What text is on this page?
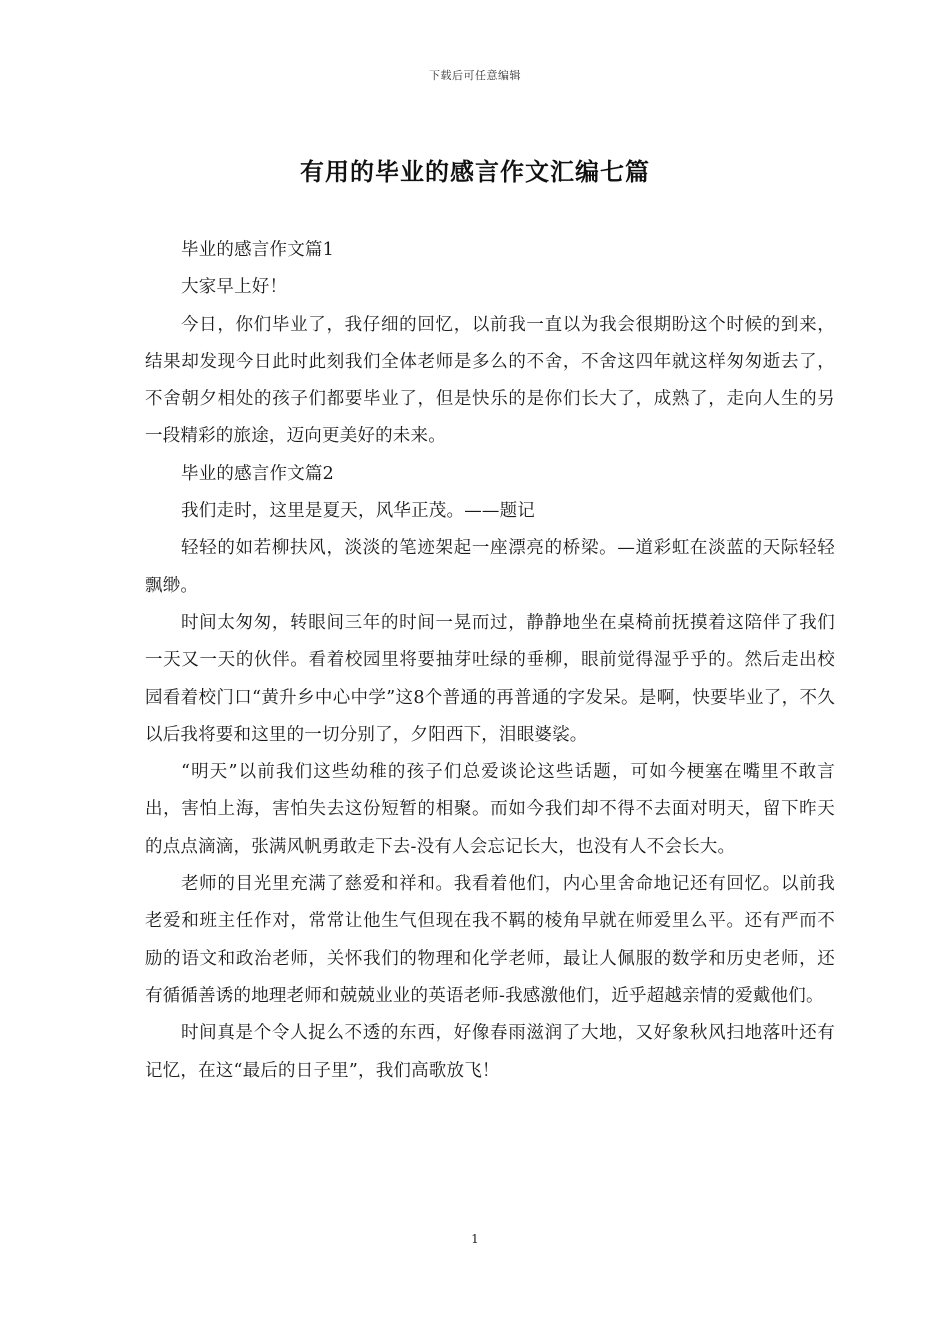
下载后可任意编辑
有用的毕业的感言作文汇编七篇

毕业的感言作文篇1

大家早上好！

今日，你们毕业了，我仔细的回忆，以前我一直以为我会很期盼这个时候的到来，结果却发现今日此时此刻我们全体老师是多么的不舍，不舍这四年就这样匆匆逝去了，不舍朝夕相处的孩子们都要毕业了，但是快乐的是你们长大了，成熟了，走向人生的另一段精彩的旅途，迈向更美好的未来。

毕业的感言作文篇2

我们走时，这里是夏天，风华正茂。——题记

轻轻的如若柳扶风，淡淡的笔迹架起一座漂亮的桥梁。—道彩虹在淡蓝的天际轻轻飘缈。

时间太匆匆，转眼间三年的时间一晃而过，静静地坐在桌椅前抚摸着这陪伴了我们一天又一天的伙伴。看着校园里将要抽芽吐绿的垂柳，眼前觉得湿乎乎的。然后走出校园看着校门口“黄升乡中心中学”这8个普通的再普通的字发呆。是啊，快要毕业了，不久以后我将要和这里的一切分别了，夕阳西下，泪眼婆裟。

“明天”以前我们这些幼稚的孩子们总爱谈论这些话题，可如今梗塞在嘴里不敢言出，害怕上海，害怕失去这份短暂的相聚。而如今我们却不得不去面对明天，留下昨天的点点滴滴，张满风帆勇敢走下去-没有人会忘记长大，也没有人不会长大。

老师的目光里充满了慈爱和祥和。我看着他们，内心里舍命地记还有回忆。以前我老爱和班主任作对，常常让他生气但现在我不羁的棱角早就在师爱里么平。还有严而不励的语文和政治老师，关怀我们的物理和化学老师，最让人佩服的数学和历史老师，还有循循善诱的地理老师和兢兢业业的英语老师-我感激他们，近乎超越亲情的爱戴他们。

时间真是个令人捉么不透的东西，好像春雨滋润了大地，又好象秋风扫地落叶还有记忆，在这“最后的日子里”，我们高歌放飞！

1
